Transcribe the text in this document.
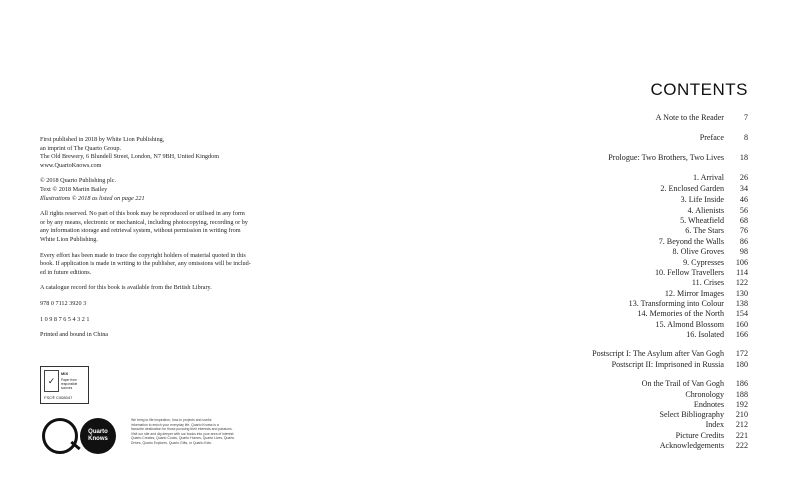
First published in 2018 by White Lion Publishing,
an imprint of The Quarto Group.
The Old Brewery, 6 Blundell Street, London, N7 9BH, United Kingdom
www.QuartoKnows.com

© 2018 Quarto Publishing plc.
Text © 2018 Martin Bailey
Illustrations © 2018 as listed on page 221

All rights reserved. No part of this book may be reproduced or utilised in any form
or by any means, electronic or mechanical, including photocopying, recording or by
any information storage and retrieval system, without permission in writing from
White Lion Publishing.

Every effort has been made to trace the copyright holders of material quoted in this
book. If application is made in writing to the publisher, any omissions will be includ-
ed in future editions.

A catalogue record for this book is available from the British Library.

978 0 7112 3920 3

1 0 9 8 7 6 5 4 3 2 1

Printed and bound in China

✓
MIX
Paper from responsible sources
FSC® C008047
Quarto
Knows
We bring to life inspiration, how-to projects and useful
information to enrich your everyday life. Quarto Knows is a
favourite destination for those pursuing their interests and passions.
Visit our site and dig deeper with our books into your area of interest:
Quarto Creates, Quarto Cooks, Quarto Homes, Quarto Lives, Quarto
Drives, Quarto Explores, Quarto Gifts, or Quarto Kids.
CONTENTS
A Note to the Reader	7
Preface	8
Prologue: Two Brothers, Two Lives	18
1. Arrival	26
2. Enclosed Garden	34
3. Life Inside	46
4. Alienists	56
5. Wheatfield	68
6. The Stars	76
7. Beyond the Walls	86
8. Olive Groves	98
9. Cypresses	106
10. Fellow Travellers	114
11. Crises	122
12. Mirror Images	130
13. Transforming into Colour	138
14. Memories of the North	154
15. Almond Blossom	160
16. Isolated	166
Postscript I: The Asylum after Van Gogh	172
Postscript II: Imprisoned in Russia	180
On the Trail of Van Gogh	186
Chronology	188
Endnotes	192
Select Bibliography	210
Index	212
Picture Credits	221
Acknowledgements	222
